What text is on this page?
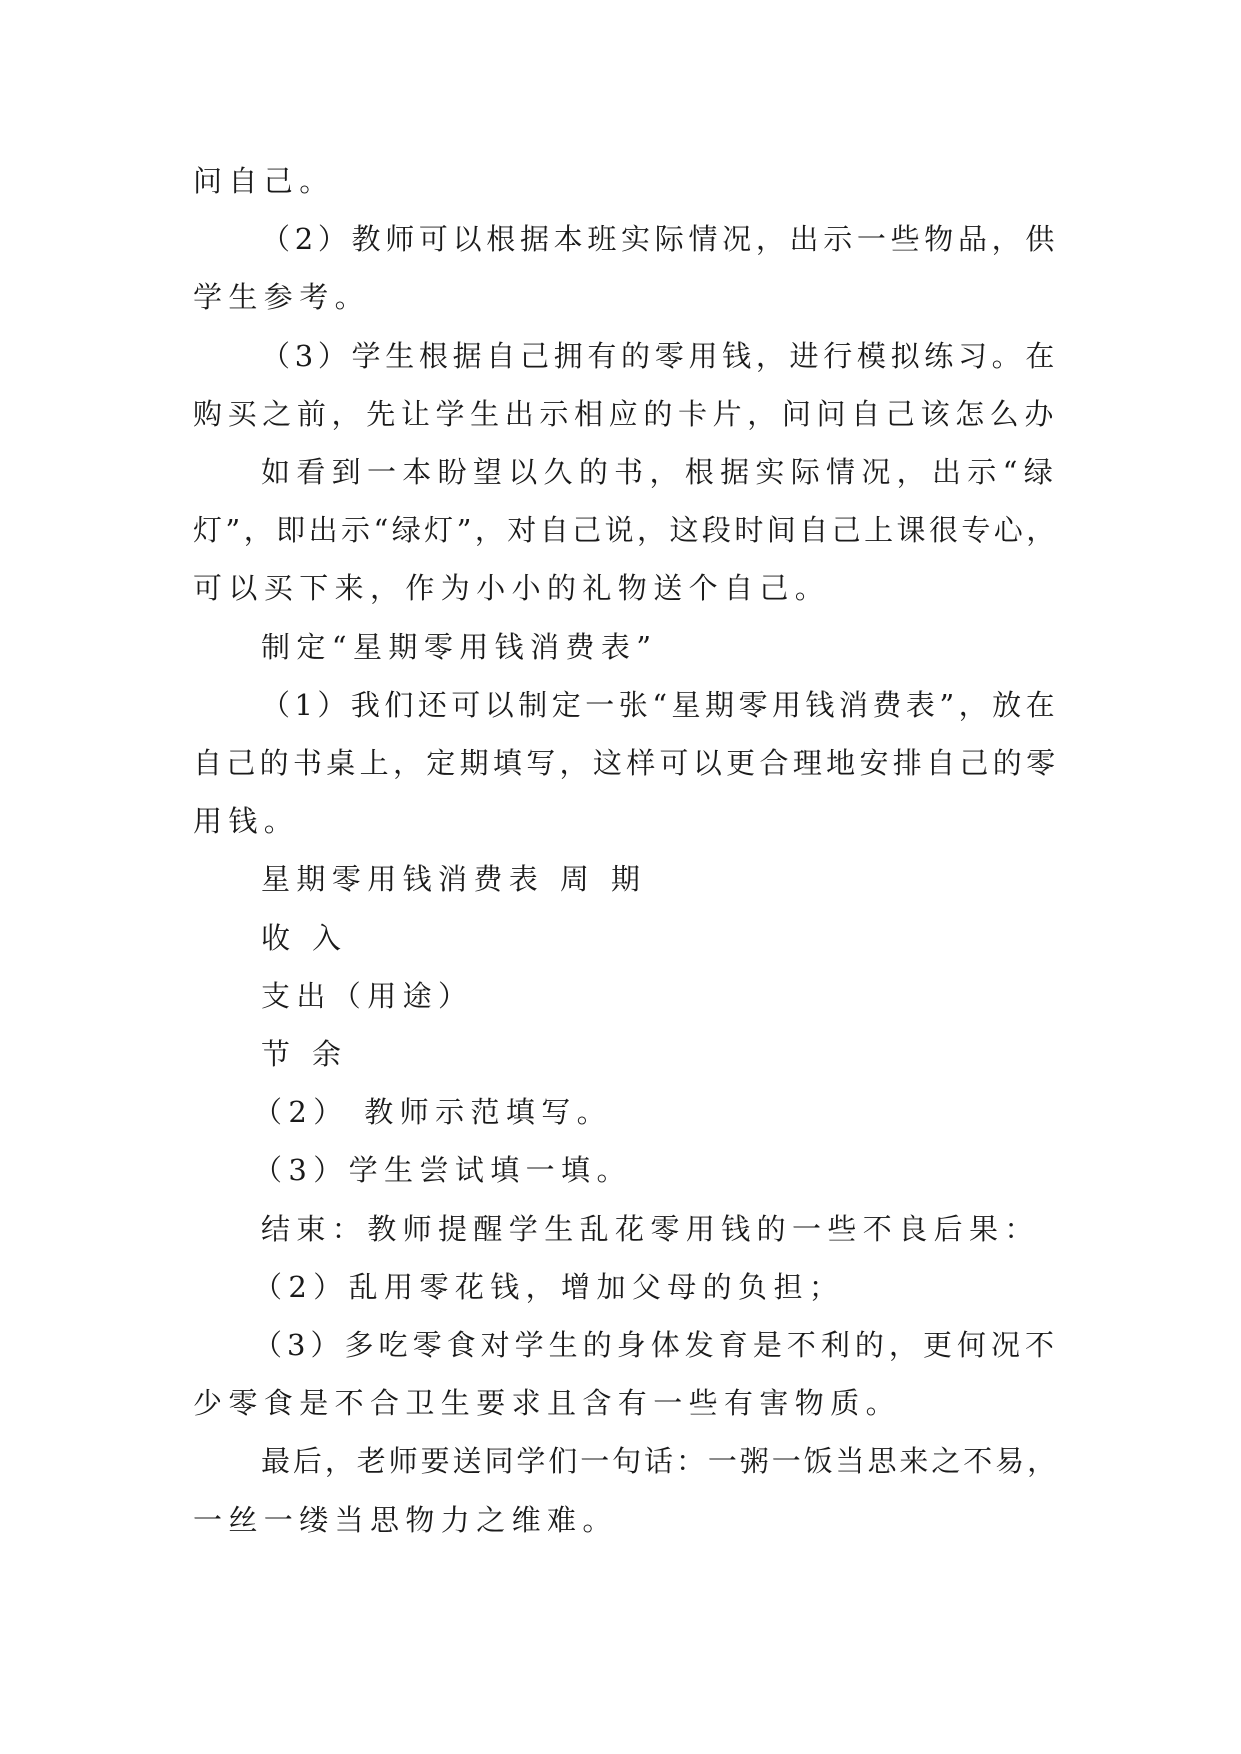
问自己。
（2）教师可以根据本班实际情况，出示一些物品，供
学生参考。
（3）学生根据自己拥有的零用钱，进行模拟练习。在
购买之前，先让学生出示相应的卡片，问问自己该怎么办
如看到一本盼望以久的书，根据实际情况，出示“绿
灯”，即出示“绿灯”，对自己说，这段时间自己上课很专心，
可以买下来，作为小小的礼物送个自己。
制定“星期零用钱消费表”
（1）我们还可以制定一张“星期零用钱消费表”，放在
自己的书桌上，定期填写，这样可以更合理地安排自己的零
用钱。
星期零用钱消费表 周 期
收 入
支出（用途）
节 余
（2） 教师示范填写。
（3）学生尝试填一填。
结束：教师提醒学生乱花零用钱的一些不良后果：
（2）乱用零花钱，增加父母的负担；
（3）多吃零食对学生的身体发育是不利的，更何况不
少零食是不合卫生要求且含有一些有害物质。
最后，老师要送同学们一句话：一粥一饭当思来之不易，
一丝一缕当思物力之维难。
